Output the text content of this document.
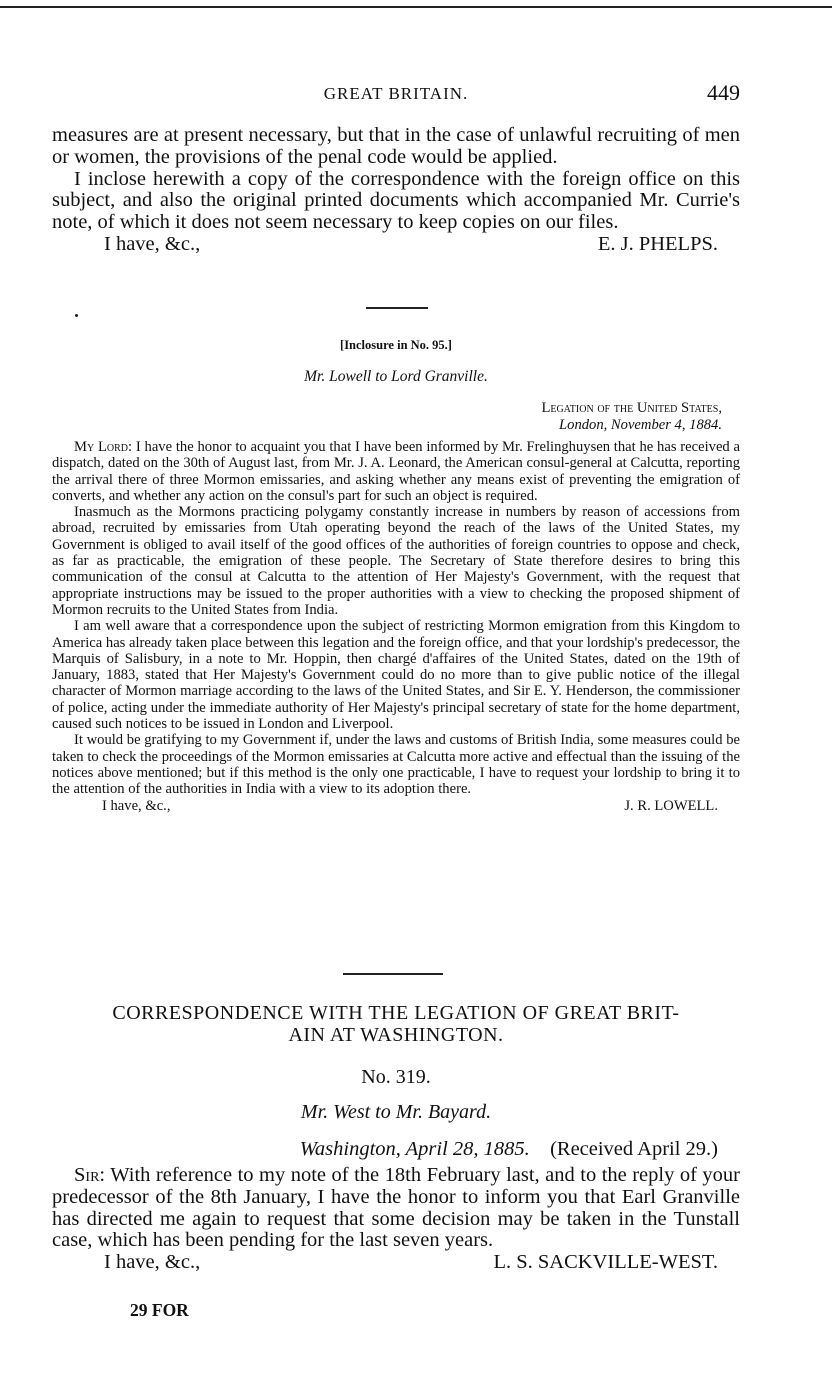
GREAT BRITAIN.	449

measures are at present necessary, but that in the case of unlawful recruiting of men or women, the provisions of the penal code would be applied.

I inclose herewith a copy of the correspondence with the foreign office on this subject, and also the original printed documents which accompanied Mr. Currie's note, of which it does not seem necessary to keep copies on our files.

I have, &c.,	E. J. PHELPS.
[Inclosure in No. 95.]
Mr. Lowell to Lord Granville.
Legation of the United States,
London, November 4, 1884.

My Lord: I have the honor to acquaint you that I have been informed by Mr. Frelinghuysen that he has received a dispatch, dated on the 30th of August last, from Mr. J. A. Leonard, the American consul-general at Calcutta, reporting the arrival there of three Mormon emissaries, and asking whether any means exist of preventing the emigration of converts, and whether any action on the consul's part for such an object is required.

Inasmuch as the Mormons practicing polygamy constantly increase in numbers by reason of accessions from abroad, recruited by emissaries from Utah operating beyond the reach of the laws of the United States, my Government is obliged to avail itself of the good offices of the authorities of foreign countries to oppose and check, as far as practicable, the emigration of these people. The Secretary of State therefore desires to bring this communication of the consul at Calcutta to the attention of Her Majesty's Government, with the request that appropriate instructions may be issued to the proper authorities with a view to checking the proposed shipment of Mormon recruits to the United States from India.

I am well aware that a correspondence upon the subject of restricting Mormon emigration from this Kingdom to America has already taken place between this legation and the foreign office, and that your lordship's predecessor, the Marquis of Salisbury, in a note to Mr. Hoppin, then chargé d'affaires of the United States, dated on the 19th of January, 1883, stated that Her Majesty's Government could do no more than to give public notice of the illegal character of Mormon marriage according to the laws of the United States, and Sir E. Y. Henderson, the commissioner of police, acting under the immediate authority of Her Majesty's principal secretary of state for the home department, caused such notices to be issued in London and Liverpool.

It would be gratifying to my Government if, under the laws and customs of British India, some measures could be taken to check the proceedings of the Mormon emissaries at Calcutta more active and effectual than the issuing of the notices above mentioned; but if this method is the only one practicable, I have to request your lordship to bring it to the attention of the authorities in India with a view to its adoption there.

I have, &c.,	J. R. LOWELL.
CORRESPONDENCE WITH THE LEGATION OF GREAT BRIT-
AIN AT WASHINGTON.
No. 319.
Mr. West to Mr. Bayard.
Washington, April 28, 1885. (Received April 29.)

Sir: With reference to my note of the 18th February last, and to the reply of your predecessor of the 8th January, I have the honor to inform you that Earl Granville has directed me again to request that some decision may be taken in the Tunstall case, which has been pending for the last seven years.

I have, &c.,	L. S. SACKVILLE-WEST.
29 FOR
